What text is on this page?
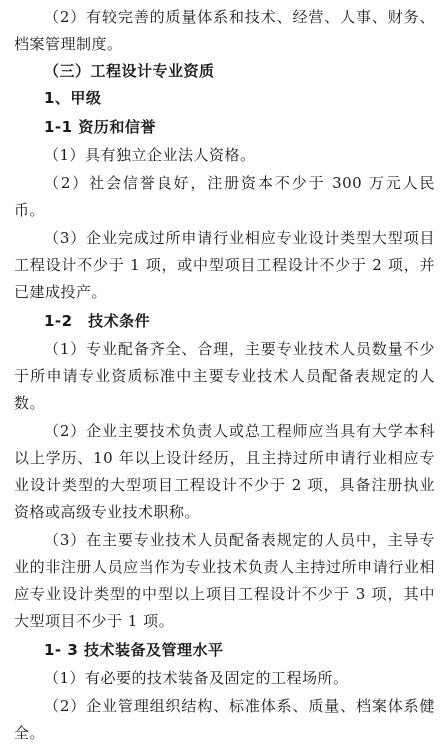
（2）有较完善的质量体系和技术、经营、人事、财务、档案管理制度。

（三）工程设计专业资质

1、甲级

1-1 资历和信誉

（1）具有独立企业法人资格。

（2）社会信誉良好，注册资本不少于 300 万元人民币。

（3）企业完成过所申请行业相应专业设计类型大型项目工程设计不少于 1 项，或中型项目工程设计不少于 2 项，并已建成投产。

1-2　技术条件

（1）专业配备齐全、合理，主要专业技术人员数量不少于所申请专业资质标准中主要专业技术人员配备表规定的人数。

（2）企业主要技术负责人或总工程师应当具有大学本科以上学历、10 年以上设计经历，且主持过所申请行业相应专业设计类型的大型项目工程设计不少于 2 项，具备注册执业资格或高级专业技术职称。

（3）在主要专业技术人员配备表规定的人员中，主导专业的非注册人员应当作为专业技术负责人主持过所申请行业相应专业设计类型的中型以上项目工程设计不少于 3 项，其中大型项目不少于 1 项。

1- 3 技术装备及管理水平

（1）有必要的技术装备及固定的工程场所。

（2）企业管理组织结构、标准体系、质量、档案体系健全。
